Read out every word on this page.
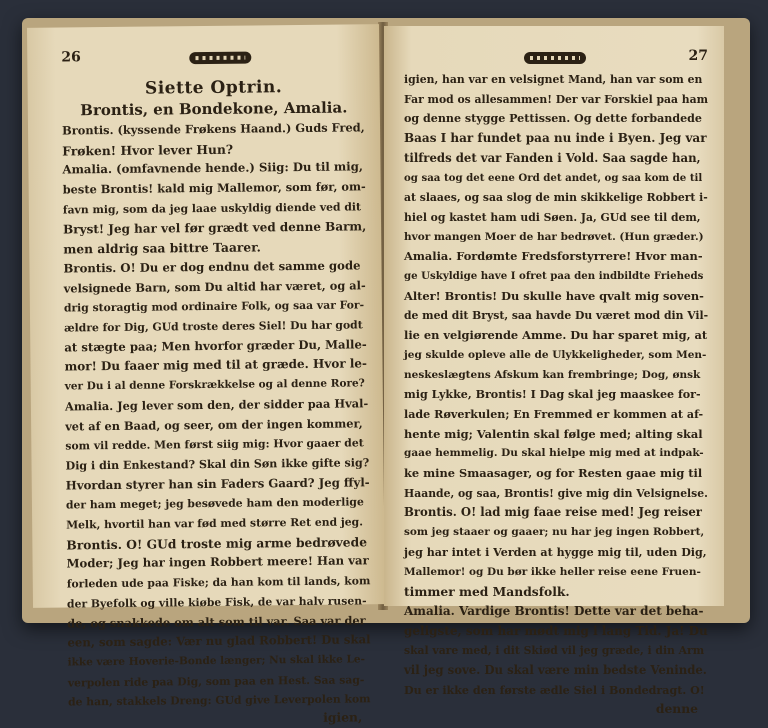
26
Siette Optrin.
Brontis, en Bondekone, Amalia.
Brontis. (kyssende Frøkens Haand.) Guds Fred,
Frøken! Hvor lever Hun?
Amalia. (omfavnende hende.) Siig: Du til mig,
beste Brontis! kald mig Mallemor, som før, om-
favn mig, som da jeg laae uskyldig diende ved dit
Bryst! Jeg har vel før grædt ved denne Barm,
men aldrig saa bittre Taarer.
Brontis. O! Du er dog endnu det samme gode
velsignede Barn, som Du altid har været, og al-
drig storagtig mod ordinaire Folk, og saa var For-
ældre for Dig, GUd troste deres Siel! Du har godt
at stægte paa; Men hvorfor græder Du, Malle-
mor! Du faaer mig med til at græde. Hvor le-
ver Du i al denne Forskrækkelse og al denne Rore?
Amalia. Jeg lever som den, der sidder paa Hval-
vet af en Baad, og seer, om der ingen kommer,
som vil redde. Men først siig mig: Hvor gaaer det
Dig i din Enkestand? Skal din Søn ikke gifte sig?
Hvordan styrer han sin Faders Gaard? Jeg ffyl-
der ham meget; jeg besøvede ham den moderlige
Melk, hvortil han var fød med større Ret end jeg.
Brontis. O! GUd troste mig arme bedrøvede
Moder; Jeg har ingen Robbert meere! Han var
forleden ude paa Fiske; da han kom til lands, kom
der Byefolk og ville kiøbe Fisk, de var halv rusen-
de, og snakkede om alt som til var. Saa var der
een, som sagde: Vær nu glad Robbert! Du skal
ikke være Hoverie-Bonde længer; Nu skal ikke Le-
verpolen ride paa Dig, som paa en Hest. Saa sag-
de han, stakkels Dreng: GUd give Leverpolen kom
igien,
27
igien, han var en velsignet Mand, han var som en
Far mod os allesammen! Der var Forskiel paa ham
og denne stygge Pettissen. Og dette forbandede
Baas I har fundet paa nu inde i Byen. Jeg var
tilfreds det var Fanden i Vold. Saa sagde han,
og saa tog det eene Ord det andet, og saa kom de til
at slaaes, og saa slog de min skikkelige Robbert i-
hiel og kastet ham udi Søen. Ja, GUd see til dem,
hvor mangen Moer de har bedrøvet. (Hun græder.)
Amalia. Fordømte Fredsforstyrrere! Hvor man-
ge Uskyldige have I ofret paa den indbildte Frieheds
Alter! Brontis! Du skulle have qvalt mig soven-
de med dit Bryst, saa havde Du været mod din Vil-
lie en velgiørende Amme. Du har sparet mig, at
jeg skulde opleve alle de Ulykkeligheder, som Men-
neskeslægtens Afskum kan frembringe; Dog, ønsk
mig Lykke, Brontis! I Dag skal jeg maaskee for-
lade Røverkulen; En Fremmed er kommen at af-
hente mig; Valentin skal følge med; alting skal
gaae hemmelig. Du skal hielpe mig med at indpak-
ke mine Smaasager, og for Resten gaae mig til
Haande, og saa, Brontis! give mig din Velsignelse.
Brontis. O! lad mig faae reise med! Jeg reiser
som jeg staaer og gaaer; nu har jeg ingen Robbert,
jeg har intet i Verden at hygge mig til, uden Dig,
Mallemor! og Du bør ikke heller reise eene Fruen-
timmer med Mandsfolk.
Amalia. Vardige Brontis! Dette var det beha-
geligste, som har mødt mig i lang Tid. Ja! Du
skal vare med, i dit Skiød vil jeg græde, i din Arm
vil jeg sove. Du skal være min bedste Veninde.
Du er ikke den første ædle Siel i Bondedragt. O!
denne
